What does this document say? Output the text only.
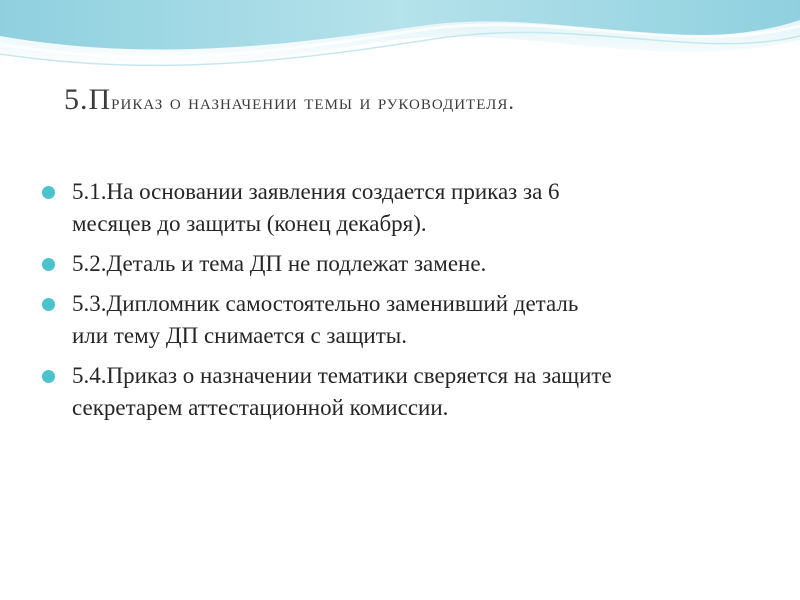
5.Приказ о назначении темы и руководителя.
5.1.На основании заявления создается приказ за 6
месяцев до защиты (конец декабря).
5.2.Деталь и тема ДП не подлежат замене.
5.3.Дипломник самостоятельно заменивший деталь
или тему ДП снимается с защиты.
5.4.Приказ о назначении тематики сверяется на защите
секретарем аттестационной комиссии.
